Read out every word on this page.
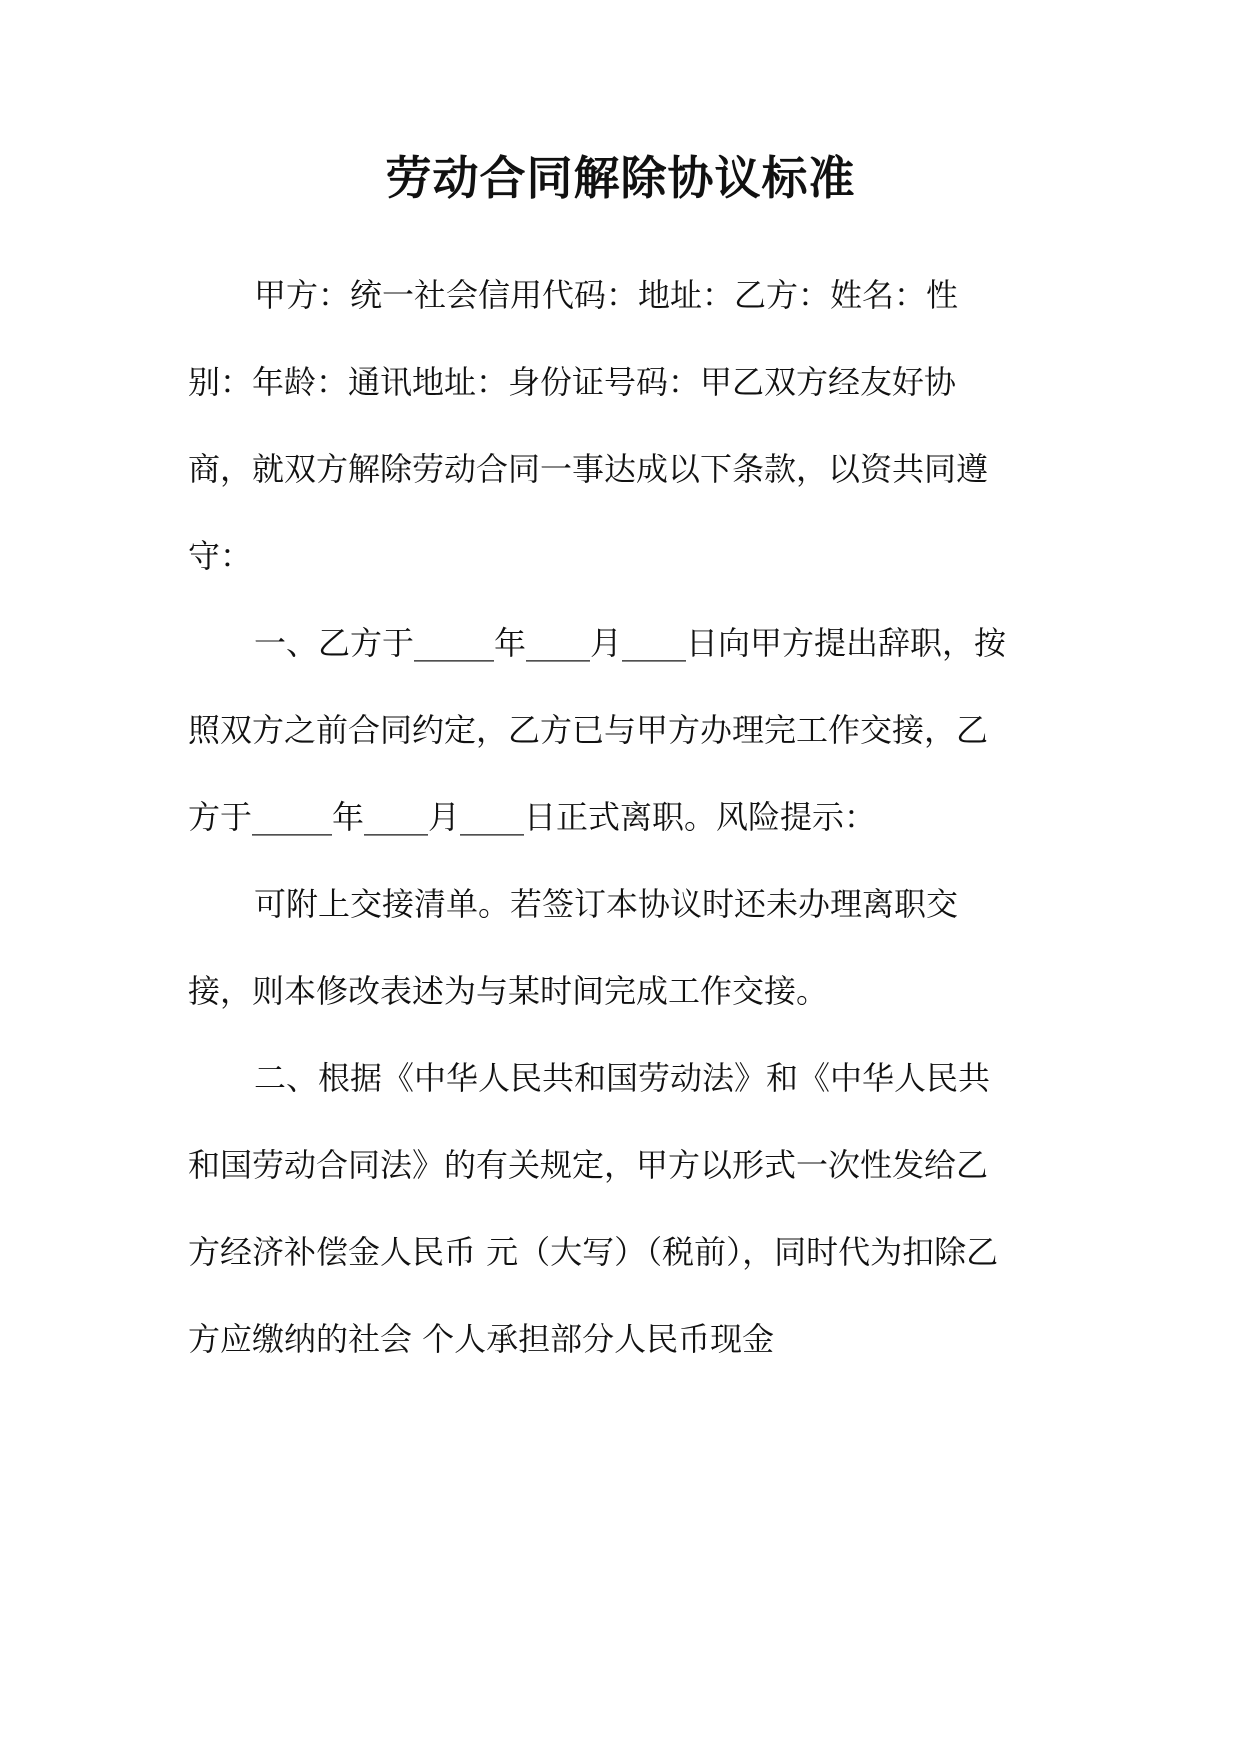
劳动合同解除协议标准

甲方：统一社会信用代码：地址：乙方：姓名：性

别：年龄：通讯地址：身份证号码：甲乙双方经友好协

商，就双方解除劳动合同一事达成以下条款，以资共同遵

守：

一、乙方于_____年____月____日向甲方提出辞职，按

照双方之前合同约定，乙方已与甲方办理完工作交接，乙

方于_____年____月____日正式离职。风险提示：

可附上交接清单。若签订本协议时还未办理离职交

接，则本修改表述为与某时间完成工作交接。

二、根据《中华人民共和国劳动法》和《中华人民共

和国劳动合同法》的有关规定，甲方以形式一次性发给乙

方经济补偿金人民币 元（大写）（税前），同时代为扣除乙

方应缴纳的社会 个人承担部分人民币现金
